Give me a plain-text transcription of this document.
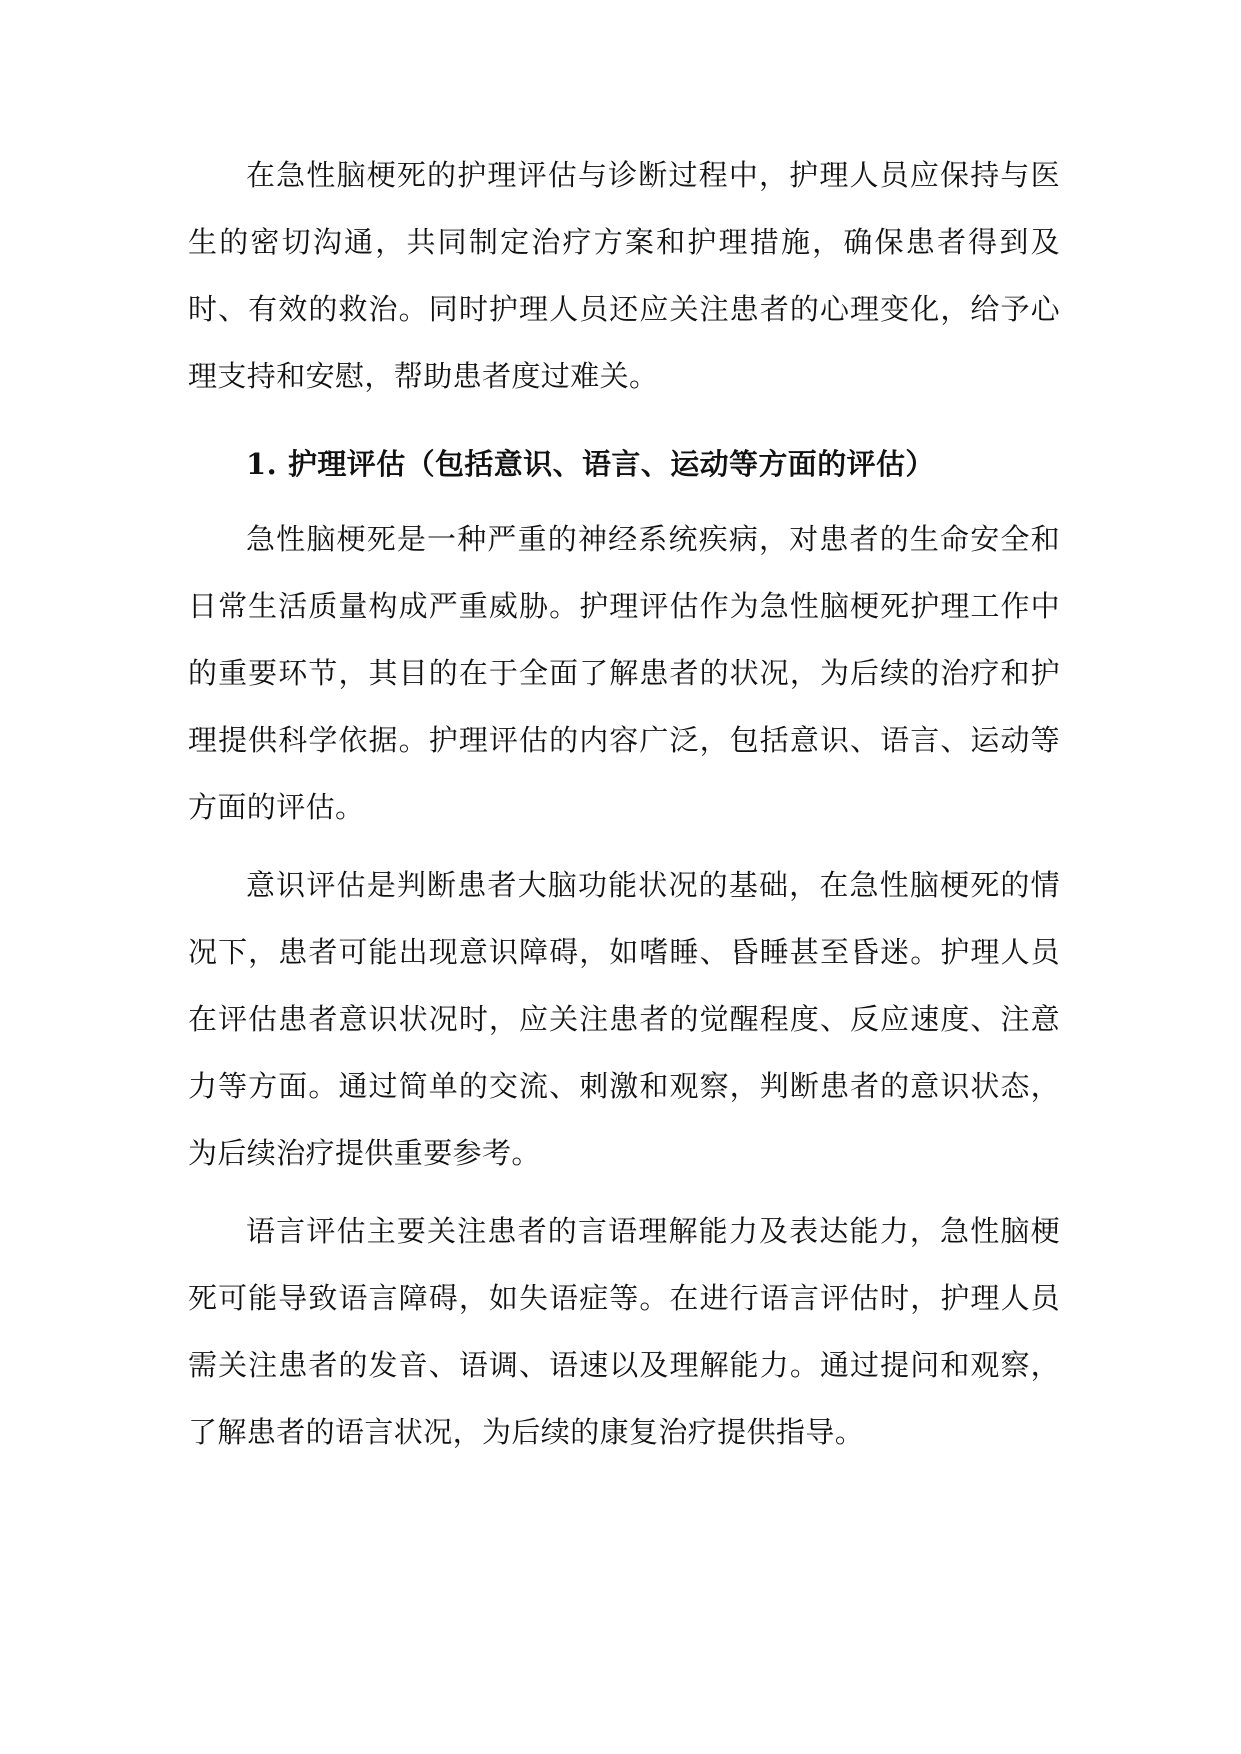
在急性脑梗死的护理评估与诊断过程中，护理人员应保持与医生的密切沟通，共同制定治疗方案和护理措施，确保患者得到及时、有效的救治。同时护理人员还应关注患者的心理变化，给予心理支持和安慰，帮助患者度过难关。

1. 护理评估（包括意识、语言、运动等方面的评估）

急性脑梗死是一种严重的神经系统疾病，对患者的生命安全和日常生活质量构成严重威胁。护理评估作为急性脑梗死护理工作中的重要环节，其目的在于全面了解患者的状况，为后续的治疗和护理提供科学依据。护理评估的内容广泛，包括意识、语言、运动等方面的评估。

意识评估是判断患者大脑功能状况的基础，在急性脑梗死的情况下，患者可能出现意识障碍，如嗜睡、昏睡甚至昏迷。护理人员在评估患者意识状况时，应关注患者的觉醒程度、反应速度、注意力等方面。通过简单的交流、刺激和观察，判断患者的意识状态，为后续治疗提供重要参考。

语言评估主要关注患者的言语理解能力及表达能力，急性脑梗死可能导致语言障碍，如失语症等。在进行语言评估时，护理人员需关注患者的发音、语调、语速以及理解能力。通过提问和观察，了解患者的语言状况，为后续的康复治疗提供指导。
